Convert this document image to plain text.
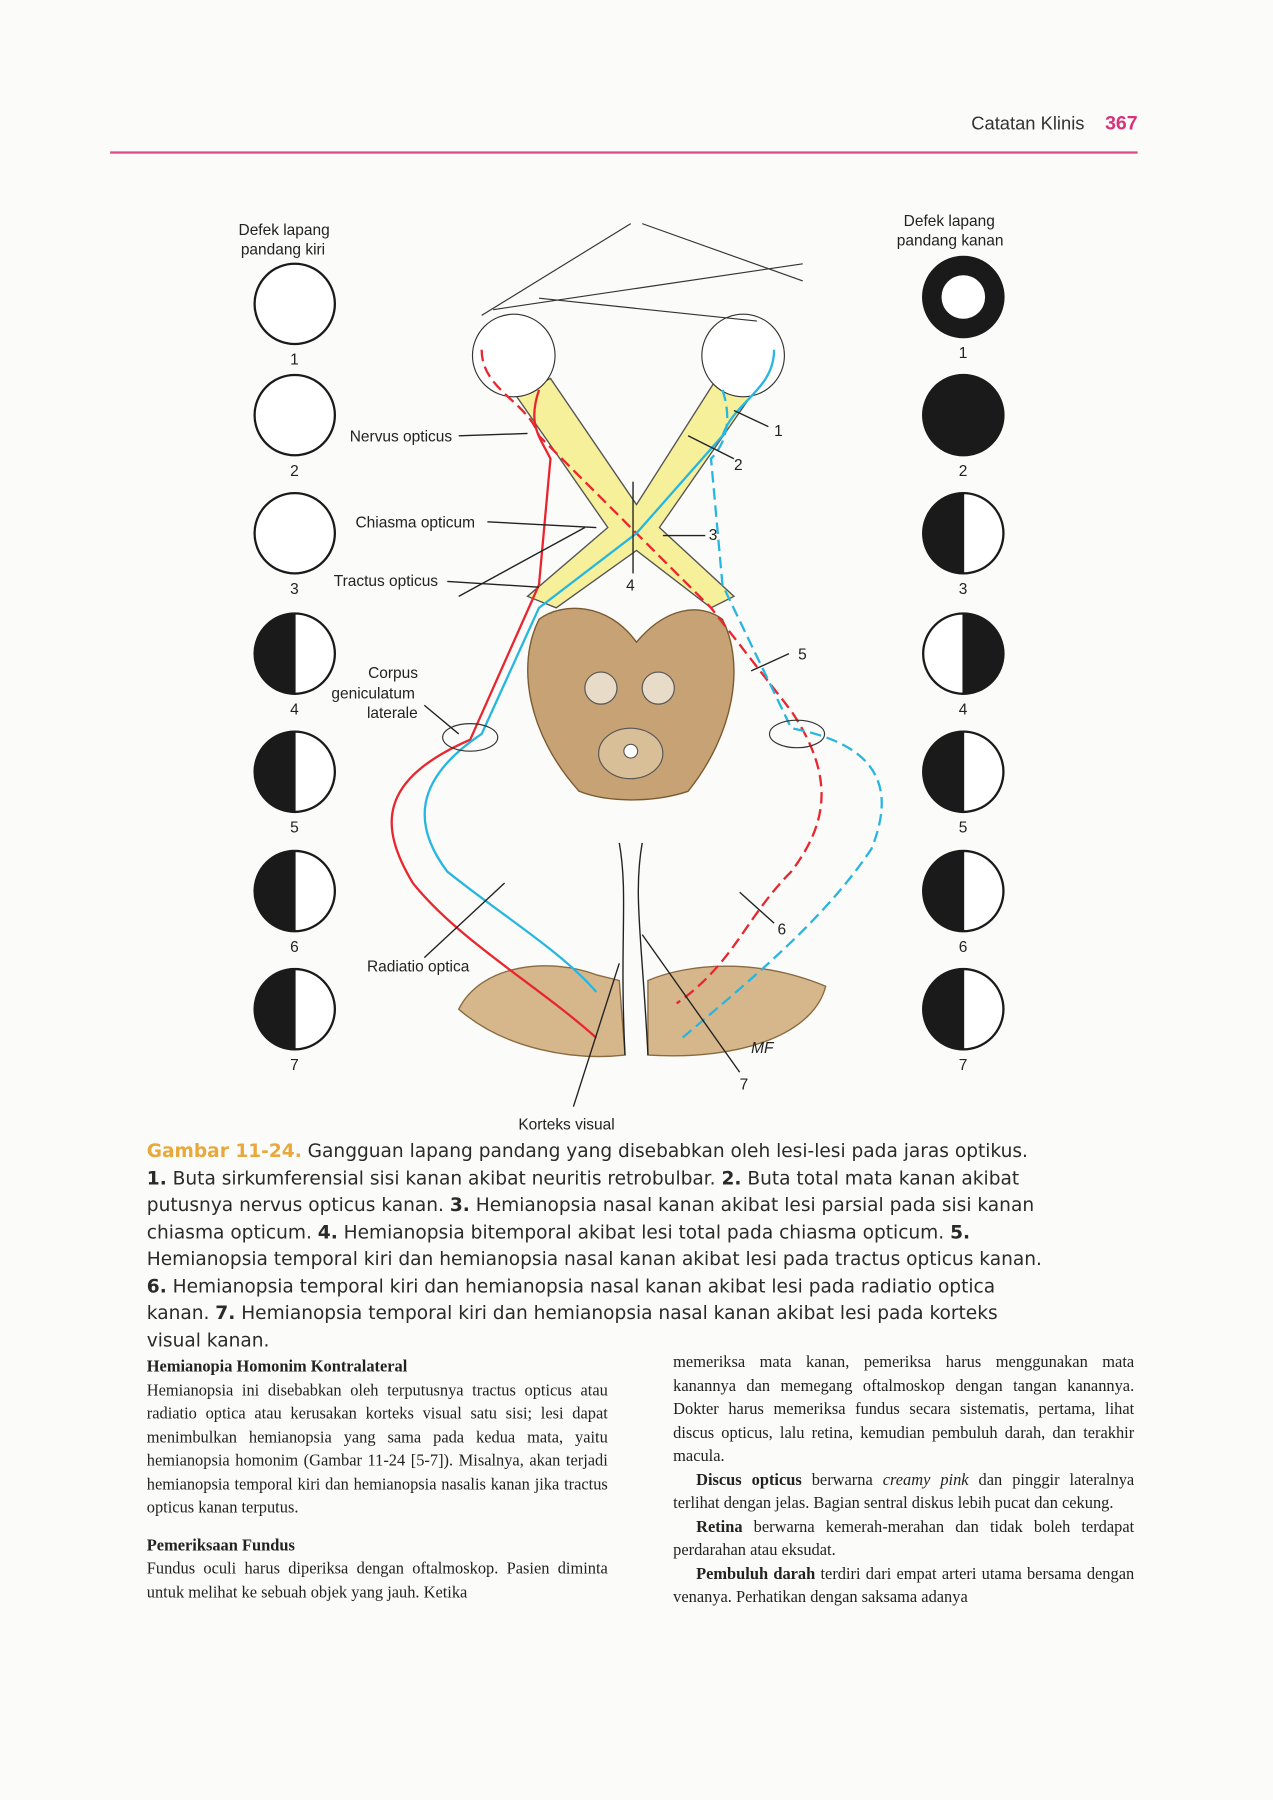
Catatan Klinis 367
1
2
3
4
5
6
7
MF
Defek lapang
pandang kiri
Defek lapang
pandang kanan
Nervus opticus
Chiasma opticum
Tractus opticus
Corpus
geniculatum
laterale
Radiatio optica
Korteks visual
1
2
3
4
5
6
7
1
2
3
4
5
6
7
Gambar 11-24. Gangguan lapang pandang yang disebabkan oleh lesi-lesi pada jaras optikus. 1. Buta sirkumferensial sisi kanan akibat neuritis retrobulbar. 2. Buta total mata kanan akibat putusnya nervus opticus kanan. 3. Hemianopsia nasal kanan akibat lesi parsial pada sisi kanan chiasma opticum. 4. Hemianopsia bitemporal akibat lesi total pada chiasma opticum. 5. Hemianopsia temporal kiri dan hemianopsia nasal kanan akibat lesi pada tractus opticus kanan. 6. Hemianopsia temporal kiri dan hemianopsia nasal kanan akibat lesi pada radiatio optica kanan. 7. Hemianopsia temporal kiri dan hemianopsia nasal kanan akibat lesi pada korteks visual kanan.
Hemianopia Homonim Kontralateral

Hemianopsia ini disebabkan oleh terputusnya tractus opticus atau radiatio optica atau kerusakan korteks visual satu sisi; lesi dapat menimbulkan hemianopsia yang sama pada kedua mata, yaitu hemianopsia homonim (Gambar 11-24 [5-7]). Misalnya, akan terjadi hemianopsia temporal kiri dan hemianopsia nasalis kanan jika tractus opticus kanan terputus.

Pemeriksaan Fundus

Fundus oculi harus diperiksa dengan oftalmoskop. Pasien diminta untuk melihat ke sebuah objek yang jauh. Ketika

memeriksa mata kanan, pemeriksa harus menggunakan mata kanannya dan memegang oftalmoskop dengan tangan kanannya. Dokter harus memeriksa fundus secara sistematis, pertama, lihat discus opticus, lalu retina, kemudian pembuluh darah, dan terakhir macula.

Discus opticus berwarna creamy pink dan pinggir lateralnya terlihat dengan jelas. Bagian sentral diskus lebih pucat dan cekung.

Retina berwarna kemerah-merahan dan tidak boleh terdapat perdarahan atau eksudat.

Pembuluh darah terdiri dari empat arteri utama bersama dengan venanya. Perhatikan dengan saksama adanya
